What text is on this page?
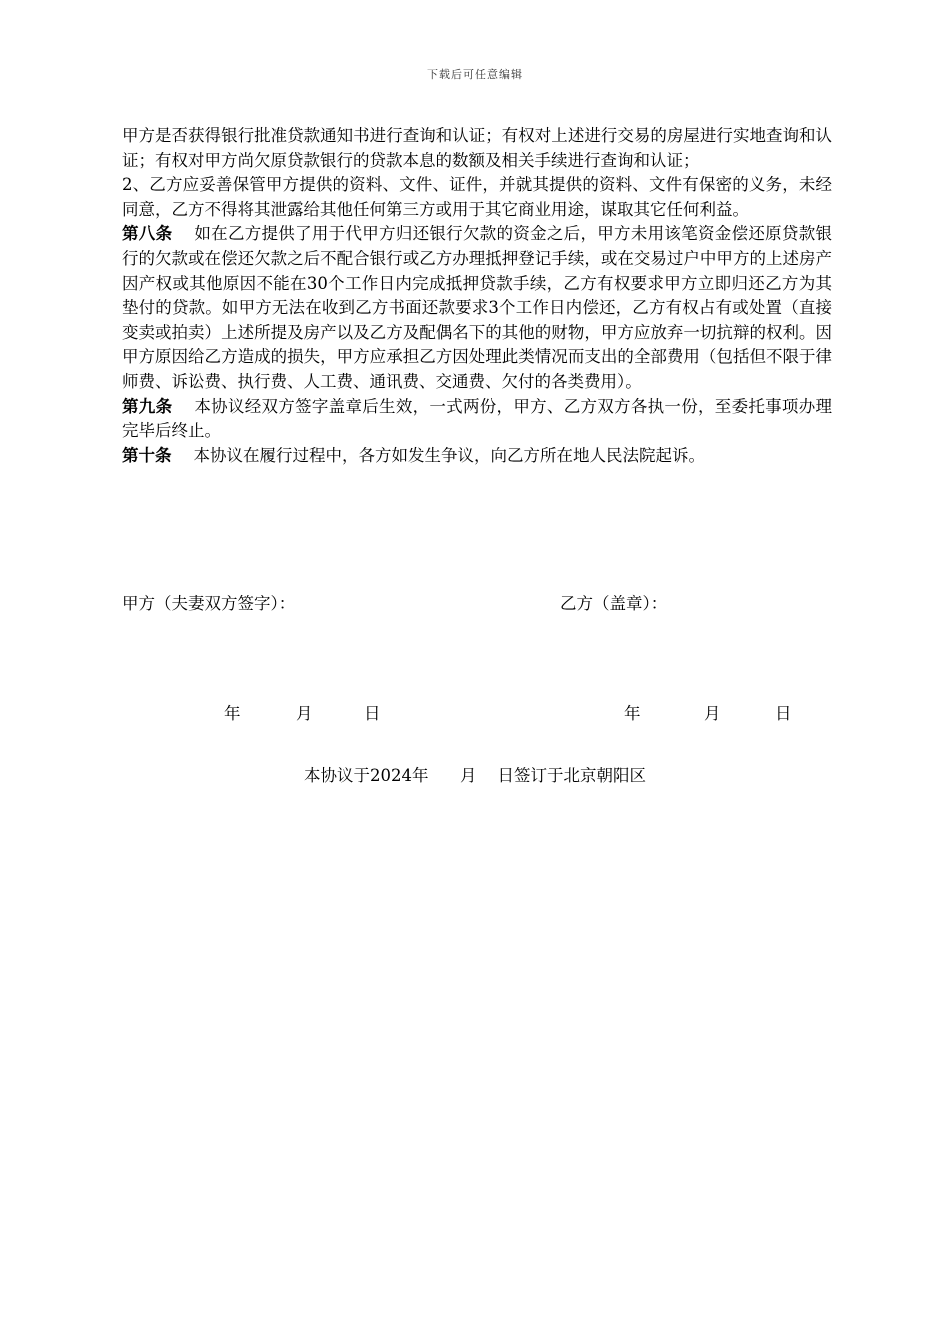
下载后可任意编辑

甲方是否获得银行批准贷款通知书进行查询和认证；有权对上述进行交易的房屋进行实地查询和认证；有权对甲方尚欠原贷款银行的贷款本息的数额及相关手续进行查询和认证；

2、乙方应妥善保管甲方提供的资料、文件、证件，并就其提供的资料、文件有保密的义务，未经同意，乙方不得将其泄露给其他任何第三方或用于其它商业用途，谋取其它任何利益。

第八条 如在乙方提供了用于代甲方归还银行欠款的资金之后，甲方未用该笔资金偿还原贷款银行的欠款或在偿还欠款之后不配合银行或乙方办理抵押登记手续，或在交易过户中甲方的上述房产因产权或其他原因不能在30个工作日内完成抵押贷款手续，乙方有权要求甲方立即归还乙方为其垫付的贷款。如甲方无法在收到乙方书面还款要求3个工作日内偿还，乙方有权占有或处置（直接变卖或拍卖）上述所提及房产以及乙方及配偶名下的其他的财物，甲方应放弃一切抗辩的权利。因甲方原因给乙方造成的损失，甲方应承担乙方因处理此类情况而支出的全部费用（包括但不限于律师费、诉讼费、执行费、人工费、通讯费、交通费、欠付的各类费用）。

第九条 本协议经双方签字盖章后生效，一式两份，甲方、乙方双方各执一份，至委托事项办理完毕后终止。

第十条 本协议在履行过程中，各方如发生争议，向乙方所在地人民法院起诉。

甲方（夫妻双方签字）：	乙方（盖章）：
年	月	日	年	月	日
本协议于2024年      月    日签订于北京朝阳区
